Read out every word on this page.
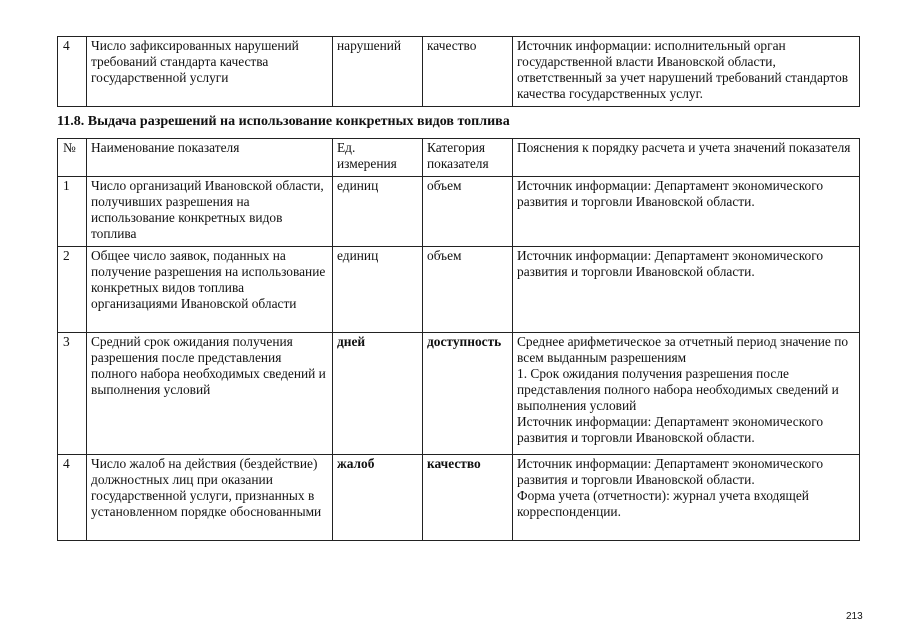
4	Число зафиксированных нарушений требований стандарта качества государственной услуги	нарушений	качество	Источник информации: исполнительный орган государственной власти Ивановской области, ответственный за учет нарушений требований стандартов качества государственных услуг.
11.8. Выдача разрешений на использование конкретных видов топлива
№	Наименование показателя	Ед. измерения	Категория показателя	Пояснения к порядку расчета и учета значений показателя
1	Число организаций Ивановской области, получивших разрешения на использование конкретных видов топлива	единиц	объем	Источник информации: Департамент экономического развития и торговли Ивановской области.
2	Общее число заявок, поданных на получение разрешения на использование конкретных видов топлива организациями Ивановской области	единиц	объем	Источник информации: Департамент экономического развития и торговли Ивановской области.
3	Средний срок ожидания получения разрешения после представления полного набора необходимых сведений и выполнения условий	дней	доступность	Среднее арифметическое за отчетный период значение по всем выданным разрешениям
1. Срок ожидания получения разрешения после представления полного набора необходимых сведений и выполнения условий
Источник информации: Департамент экономического развития и торговли Ивановской области.

4	Число жалоб на действия (бездействие) должностных лиц при оказании государственной услуги, признанных в установленном порядке обоснованными	жалоб	качество	Источник информации: Департамент экономического развития и торговли Ивановской области.
Форма учета (отчетности): журнал учета входящей корреспонденции.
213
